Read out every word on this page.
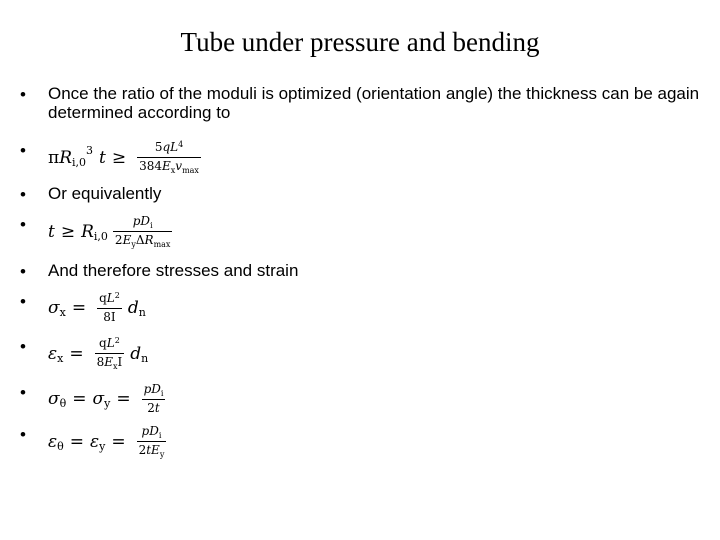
Tube under pressure and bending
•	Once the ratio of the moduli is optimized (orientation angle) the thickness can be again determined according to
•	π R i,0
3 $t \ge \frac{5qL^4}{384E_xv_{max}}$
•	Or equivalently
•	t ≥ R $i,0 \frac{pD_i}{2E_y\Delta R_{max}}$
•	And therefore stresses and strain
•	σ $x = \frac{qL^2}{8I}$ d n
•	ε $x = \frac{qL^2}{8E_xI}$ d n
•	σ θ = σ $y = \frac{pD_i}{2t}$
•	ε θ = ε $y = \frac{pD_i}{2tE_y}$
